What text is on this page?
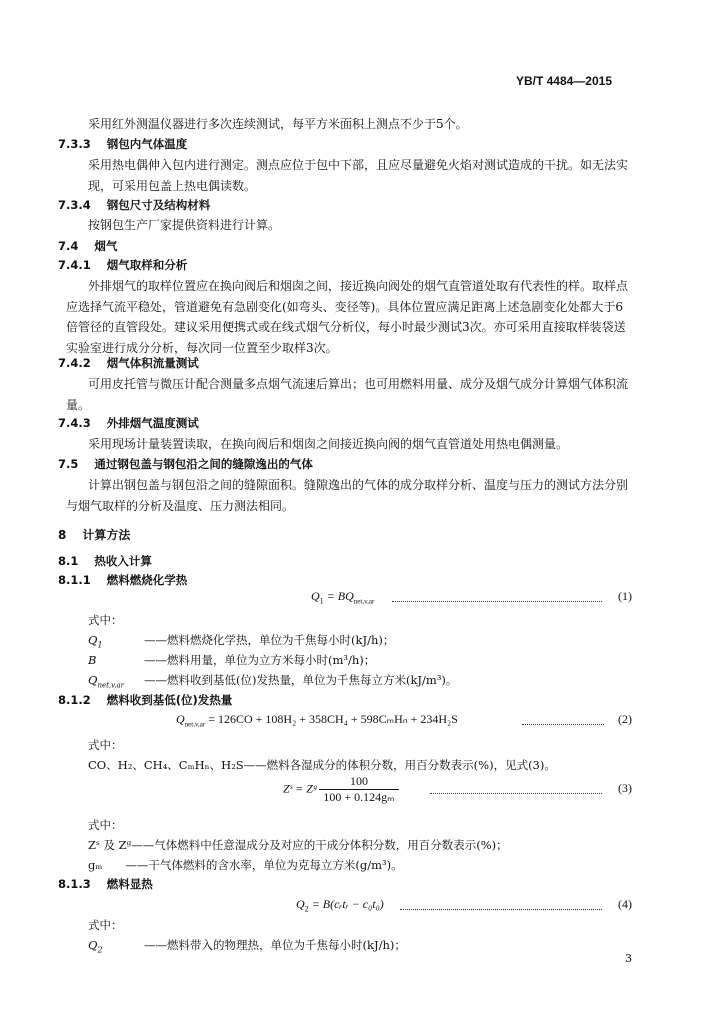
YB/T 4484—2015
采用红外测温仪器进行多次连续测试，每平方米面积上测点不少于5个。
7.3.3 钢包内气体温度
采用热电偶伸入包内进行测定。测点应位于包中下部，且应尽量避免火焰对测试造成的干扰。如无法实现，可采用包盖上热电偶读数。
7.3.4 钢包尺寸及结构材料
按钢包生产厂家提供资料进行计算。
7.4 烟气
7.4.1 烟气取样和分析
外排烟气的取样位置应在换向阀后和烟囱之间，接近换向阀处的烟气直管道处取有代表性的样。取样点应选择气流平稳处，管道避免有急剧变化(如弯头、变径等)。具体位置应满足距离上述急剧变化处都大于6倍管径的直管段处。建议采用便携式或在线式烟气分析仪，每小时最少测试3次。亦可采用直接取样装袋送实验室进行成分分析，每次同一位置至少取样3次。
7.4.2 烟气体积流量测试
可用皮托管与微压计配合测量多点烟气流速后算出；也可用燃料用量、成分及烟气成分计算烟气体积流量。
7.4.3 外排烟气温度测试
采用现场计量装置读取，在换向阀后和烟囱之间接近换向阀的烟气直管道处用热电偶测量。
7.5 通过钢包盖与钢包沿之间的缝隙逸出的气体
计算出钢包盖与钢包沿之间的缝隙面积。缝隙逸出的气体的成分取样分析、温度与压力的测试方法分别与烟气取样的分析及温度、压力测法相同。
8 计算方法
8.1 热收入计算
8.1.1 燃料燃烧化学热
$Q_1 = BQ_{net,v,ar}$	(1)
式中：
$Q_1$	——燃料燃烧化学热，单位为千焦每小时(kJ/h)；
B	——燃料用量，单位为立方米每小时(m³/h)；
$Q_{net,v,ar}$ ——燃料收到基低(位)发热量，单位为千焦每立方米(kJ/m³)。
8.1.2 燃料收到基低(位)发热量
$Q_{net,v,ar} = 126CO + 108H_2 + 358CH_4 + 598C_mH_n + 234H_2S$	(2)
式中：
CO、H₂、CH₄、CₘHₙ、H₂S——燃料各湿成分的体积分数，用百分数表示(%)，见式(3)。
Zˢ = Zᵍ $\frac{100}{\text{100 + 0.124gₘ}}$	(3)
式中：
Zˢ 及 Zᵍ——气体燃料中任意湿成分及对应的干成分体积分数，用百分数表示(%)；
gₘ　　——干气体燃料的含水率，单位为克每立方米(g/m³)。
8.1.3 燃料显热
$Q_2$ = B(cᵣtᵣ − c₀t₀)	(4)
式中：
$Q_2$	——燃料带入的物理热，单位为千焦每小时(kJ/h)；
3
